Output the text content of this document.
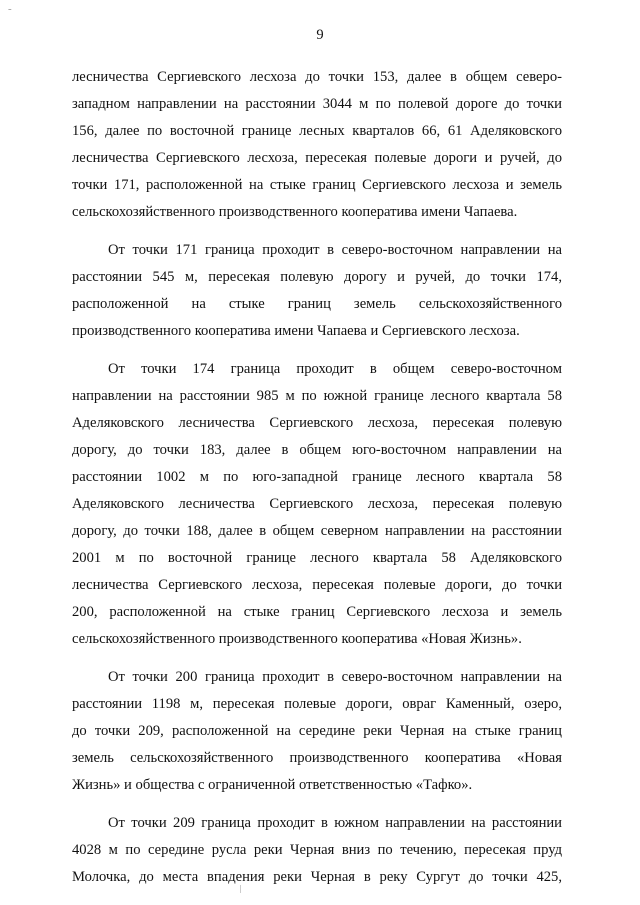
-
9

лесничества Сергиевского лесхоза до точки 153, далее в общем северо-

западном направлении на расстоянии 3044 м по полевой дороге до точки

156, далее по восточной границе лесных кварталов 66, 61 Аделяковского

лесничества Сергиевского лесхоза, пересекая полевые дороги и ручей, до

точки 171, расположенной на стыке границ Сергиевского лесхоза и земель

сельскохозяйственного производственного кооператива имени Чапаева.

От точки 171 граница проходит в северо-восточном направлении на

расстоянии 545 м, пересекая полевую дорогу и ручей, до точки 174,

расположенной на стыке границ земель сельскохозяйственного

производственного кооператива имени Чапаева и Сергиевского лесхоза.

От точки 174 граница проходит в общем северо-восточном

направлении на расстоянии 985 м по южной границе лесного квартала 58

Аделяковского лесничества Сергиевского лесхоза, пересекая полевую

дорогу, до точки 183, далее в общем юго-восточном направлении на

расстоянии 1002 м по юго-западной границе лесного квартала 58

Аделяковского лесничества Сергиевского лесхоза, пересекая полевую

дорогу, до точки 188, далее в общем северном направлении на расстоянии

2001 м по восточной границе лесного квартала 58 Аделяковского

лесничества Сергиевского лесхоза, пересекая полевые дороги, до точки

200, расположенной на стыке границ Сергиевского лесхоза и земель

сельскохозяйственного производственного кооператива «Новая Жизнь».

От точки 200 граница проходит в северо-восточном направлении на

расстоянии 1198 м, пересекая полевые дороги, овраг Каменный, озеро,

до точки 209, расположенной на середине реки Черная на стыке границ

земель сельскохозяйственного производственного кооператива «Новая

Жизнь» и общества с ограниченной ответственностью «Тафко».

От точки 209 граница проходит в южном направлении на расстоянии

4028 м по середине русла реки Черная вниз по течению, пересекая пруд

Молочка, до места впадения реки Черная в реку Сургут до точки 425,
